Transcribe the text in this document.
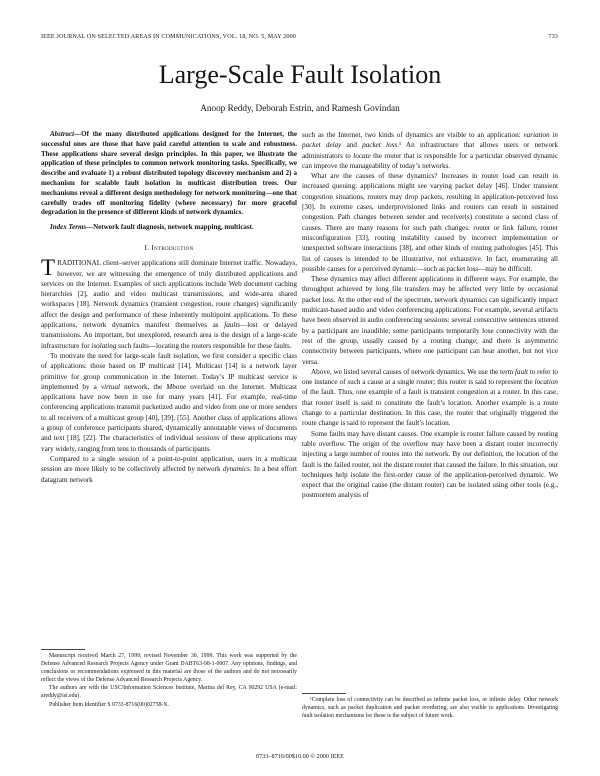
IEEE JOURNAL ON SELECTED AREAS IN COMMUNICATIONS, VOL. 18, NO. 5, MAY 2000	733
Large-Scale Fault Isolation
Anoop Reddy, Deborah Estrin, and Ramesh Govindan

Abstract—Of the many distributed applications designed for the Internet, the successful ones are those that have paid careful attention to scale and robustness. These applications share several design principles. In this paper, we illustrate the application of these principles to common network monitoring tasks. Specifically, we describe and evaluate 1) a robust distributed topology discovery mechanism and 2) a mechanism for scalable fault isolation in multicast distribution trees. Our mechanisms reveal a different design methodology for network monitoring—one that carefully trades off monitoring fidelity (where necessary) for more graceful degradation in the presence of different kinds of network dynamics.

Index Terms—Network fault diagnosis, network mapping, multicast.

I. Introduction

TRADITIONAL client–server applications still dominate Internet traffic. Nowadays, however, we are witnessing the emergence of truly distributed applications and services on the Internet. Examples of such applications include Web document caching hierarchies [2], audio and video multicast transmissions, and wide-area shared workspaces [18]. Network dynamics (transient congestion, route changes) significantly affect the design and performance of these inherently multipoint applications. To these applications, network dynamics manifest themselves as faults—lost or delayed transmissions. An important, but unexplored, research area is the design of a large-scale infrastructure for isolating such faults—locating the routers responsible for these faults.

To motivate the need for large-scale fault isolation, we first consider a specific class of applications: those based on IP multicast [14]. Multicast [14] is a network layer primitive for group communication in the Internet. Today’s IP multicast service is implemented by a virtual network, the Mbone overlaid on the Internet. Multicast applications have now been in use for many years [41]. For example, real-time conferencing applications transmit packetized audio and video from one or more senders to all receivers of a multicast group [40], [39], [55]. Another class of applications allows a group of conference participants shared, dynamically annotatable views of documents and text [18], [22]. The characteristics of individual sessions of these applications may vary widely, ranging from tens to thousands of participants.

Compared to a single session of a point-to-point application, users in a multicast session are more likely to be collectively affected by network dynamics. In a best effort datagram network

such as the Internet, two kinds of dynamics are visible to an application: variation in packet delay and packet loss.¹ An infrastructure that allows users or network administrators to locate the router that is responsible for a particular observed dynamic can improve the manageability of today’s networks.

What are the causes of these dynamics? Increases in router load can result in increased queuing; applications might see varying packet delay [46]. Under transient congestion situations, routers may drop packets, resulting in application-perceived loss [30]. In extreme cases, underprovisioned links and routers can result in sustained congestion. Path changes between sender and receiver(s) constitute a second class of causes. There are many reasons for such path changes: router or link failure, router misconfiguration [33], routing instability caused by incorrect implementation or unexpected software interactions [38], and other kinds of routing pathologies [45]. This list of causes is intended to be illustrative, not exhaustive. In fact, enumerating all possible causes for a perceived dynamic—such as packet loss—may be difficult.

These dynamics may affect different applications in different ways. For example, the throughput achieved by long file transfers may be affected very little by occasional packet loss. At the other end of the spectrum, network dynamics can significantly impact multicast-based audio and video conferencing applications. For example, several artifacts have been observed in audio conferencing sessions: several consecutive sentences uttered by a participant are inaudible; some participants temporarily lose connectivity with the rest of the group, usually caused by a routing change; and there is asymmetric connectivity between participants, where one participant can hear another, but not vice versa.

Above, we listed several causes of network dynamics. We use the term fault to refer to one instance of such a cause at a single router; this router is said to represent the location of the fault. Thus, one example of a fault is transient congestion at a router. In this case, that router itself is said to constitute the fault’s location. Another example is a route change to a particular destination. In this case, the router that originally triggered the route change is said to represent the fault’s location.

Some faults may have distant causes. One example is router failure caused by routing table overflow. The origin of the overflow may have been a distant router incorrectly injecting a large number of routes into the network. By our definition, the location of the fault is the failed router, not the distant router that caused the failure. In this situation, our techniques help isolate the first-order cause of the application-perceived dynamic. We expect that the original cause (the distant router) can be isolated using other tools (e.g., postmortem analysis of

Manuscript received March 27, 1999; revised November 30, 1999. This work was supported by the Defense Advanced Research Projects Agency under Grant DABT63-98-1-0007. Any opinions, findings, and conclusions or recommendations expressed in this material are those of the authors and do not necessarily reflect the views of the Defense Advanced Research Projects Agency.

The authors are with the USC/Information Sciences Institute, Marina del Rey, CA 90292 USA (e-mail: areddy@isi.edu).

Publisher Item Identifier S 0733-8716(00)02758-X.

¹Complete loss of connectivity can be described as infinite packet loss, or infinite delay. Other network dynamics, such as packet duplication and packet reordering, are also visible to applications. Investigating fault isolation mechanisms for these is the subject of future work.

0733–8716/00$10.00 © 2000 IEEE
